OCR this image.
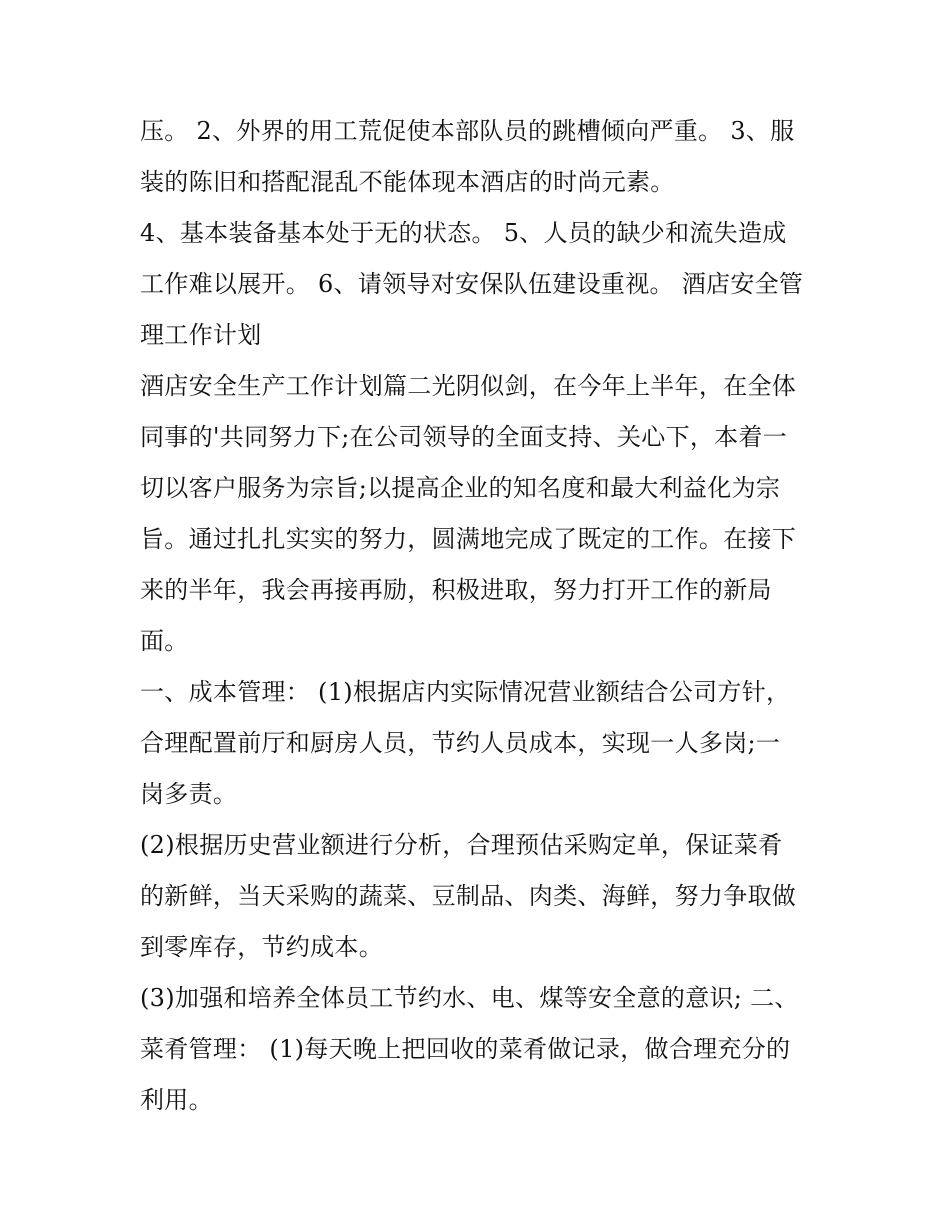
压。 2、外界的用工荒促使本部队员的跳槽倾向严重。 3、服
装的陈旧和搭配混乱不能体现本酒店的时尚元素。
4、基本装备基本处于无的状态。 5、人员的缺少和流失造成
工作难以展开。 6、请领导对安保队伍建设重视。 酒店安全管
理工作计划
酒店安全生产工作计划篇二光阴似剑，在今年上半年，在全体
同事的'共同努力下;在公司领导的全面支持、关心下，本着一
切以客户服务为宗旨;以提高企业的知名度和最大利益化为宗
旨。通过扎扎实实的努力，圆满地完成了既定的工作。在接下
来的半年，我会再接再励，积极进取，努力打开工作的新局
面。
一、成本管理： (1)根据店内实际情况营业额结合公司方针，
合理配置前厅和厨房人员，节约人员成本，实现一人多岗;一
岗多责。
(2)根据历史营业额进行分析，合理预估采购定单，保证菜肴
的新鲜，当天采购的蔬菜、豆制品、肉类、海鲜，努力争取做
到零库存，节约成本。
(3)加强和培养全体员工节约水、电、煤等安全意的意识; 二、
菜肴管理： (1)每天晚上把回收的菜肴做记录，做合理充分的
利用。
